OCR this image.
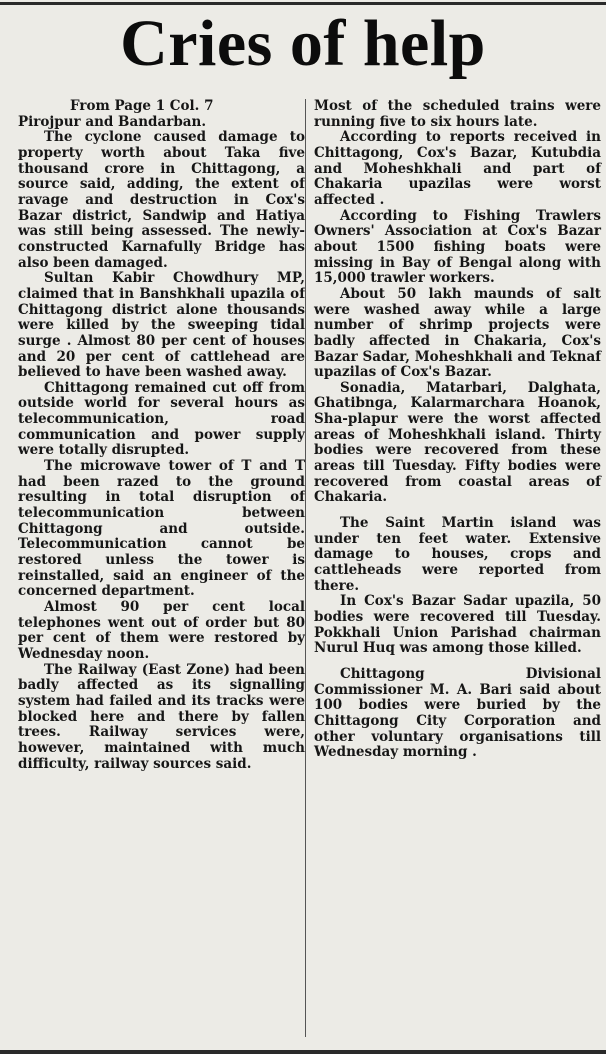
Cries of help
From Page 1 Col. 7

Pirojpur and Bandarban.

The cyclone caused damage to property worth about Taka five thousand crore in Chittagong, a source said, adding, the extent of ravage and destruction in Cox's Bazar district, Sandwip and Hatiya was still being assessed. The newly-constructed Karnafully Bridge has also been damaged.

Sultan Kabir Chowdhury MP, claimed that in Banshkhali upazila of Chittagong district alone thousands were killed by the sweeping tidal surge . Almost 80 per cent of houses and 20 per cent of cattlehead are believed to have been washed away.

Chittagong remained cut off from outside world for several hours as telecommunication, road communication and power supply were totally disrupted.

The microwave tower of T and T had been razed to the ground resulting in total disruption of telecommunication between Chittagong and outside. Telecommunication cannot be restored unless the tower is reinstalled, said an engineer of the concerned department.

Almost 90 per cent local telephones went out of order but 80 per cent of them were restored by Wednesday noon.

The Railway (East Zone) had been badly affected as its signalling system had failed and its tracks were blocked here and there by fallen trees. Railway services were, however, maintained with much difficulty, railway sources said.

Most of the scheduled trains were running five to six hours late.

According to reports received in Chittagong, Cox's Bazar, Kutubdia and Moheshkhali and part of Chakaria upazilas were worst affected .

According to Fishing Trawlers Owners' Association at Cox's Bazar about 1500 fishing boats were missing in Bay of Bengal along with 15,000 trawler workers.

About 50 lakh maunds of salt were washed away while a large number of shrimp projects were badly affected in Chakaria, Cox's Bazar Sadar, Moheshkhali and Teknaf upazilas of Cox's Bazar.

Sonadia, Matarbari, Dalghata, Ghatibnga, Kalarmarchara Hoanok, Sha-plapur were the worst affected areas of Moheshkhali island. Thirty bodies were recovered from these areas till Tuesday. Fifty bodies were recovered from coastal areas of Chakaria.

The Saint Martin island was under ten feet water. Extensive damage to houses, crops and cattleheads were reported from there.

In Cox's Bazar Sadar upazila, 50 bodies were recovered till Tuesday. Pokkhali Union Parishad chairman Nurul Huq was among those killed.

Chittagong Divisional Commissioner M. A. Bari said about 100 bodies were buried by the Chittagong City Corporation and other voluntary organisations till Wednesday morning .
